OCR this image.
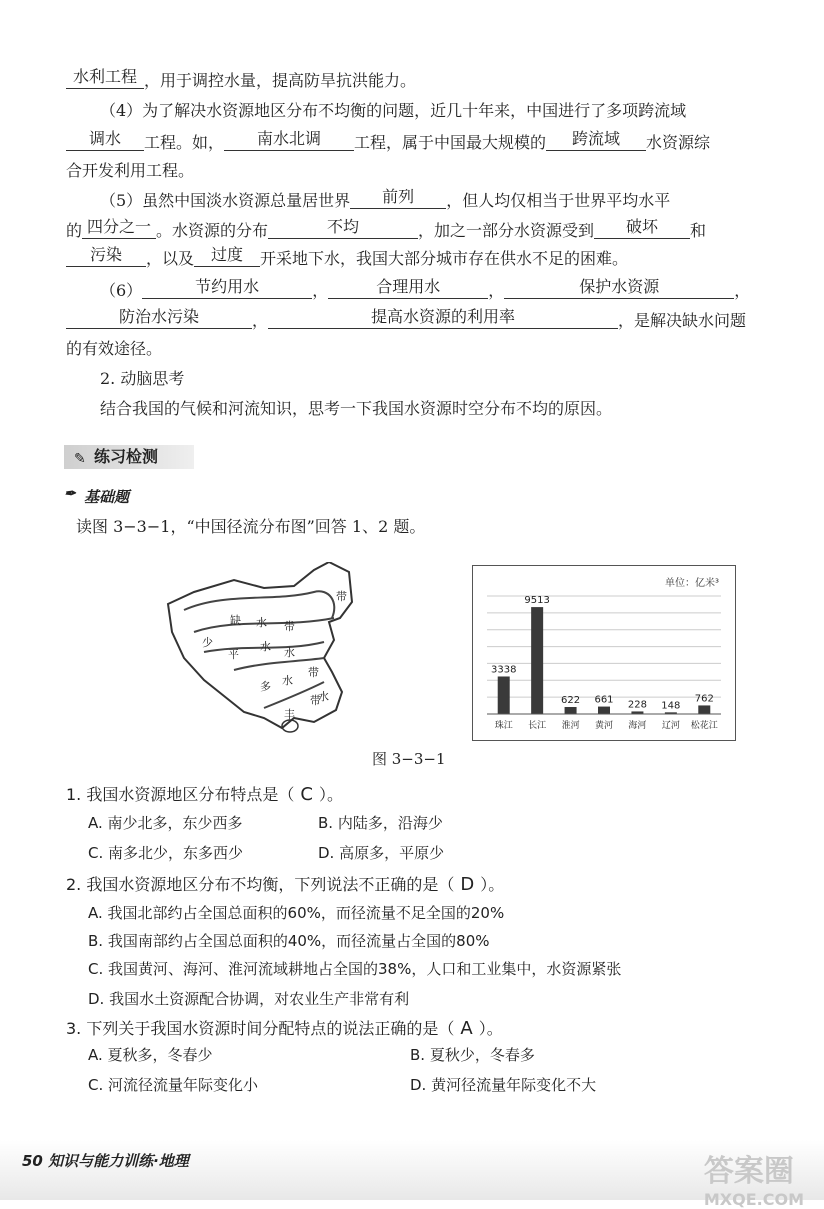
水利工程 ，用于调控水量，提高防旱抗洪能力。
（4）为了解决水资源地区分布不均衡的问题，近几十年来，中国进行了多项跨流域
调水 工程。如， 南水北调 工程，属于中国最大规模的 跨流域 水资源综
合开发利用工程。
（5）虽然中国淡水资源总量居世界 前列 ，但人均仅相当于世界平均水平
的 四分之一 。水资源的分布	不均	，加之一部分水资源受到 破坏 和
污染 ，以及 过度 开采地下水，我国大部分城市存在供水不足的困难。
（6）	节约用水	，	合理用水	，	保护水资源	，
防治水污染	，	提高水资源的利用率	，是解决缺水问题
的有效途径。
2. 动脑思考
结合我国的气候和河流知识，思考一下我国水资源时空分布不均的原因。
✎ 练习检测
✒ 基础题
读图 3−3−1，“中国径流分布图”回答 1、2 题。
带
缺 水 带
少
平
水 水
多 水
带
带
水
丰
单位：亿米³
3338
珠江
9513
长江
622
淮河
661
黄河
228
海河
148
辽河
762
松花江
图 3−3−1
1. 我国水资源地区分布特点是（ C ）。
A. 南少北多，东少西多	B. 内陆多，沿海少
C. 南多北少，东多西少	D. 高原多，平原少
2. 我国水资源地区分布不均衡，下列说法不正确的是（ D ）。
A. 我国北部约占全国总面积的60%，而径流量不足全国的20%
B. 我国南部约占全国总面积的40%，而径流量占全国的80%
C. 我国黄河、海河、淮河流域耕地占全国的38%，人口和工业集中，水资源紧张
D. 我国水土资源配合协调，对农业生产非常有利
3. 下列关于我国水资源时间分配特点的说法正确的是（ A ）。
A. 夏秋多，冬春少	B. 夏秋少，冬春多
C. 河流径流量年际变化小	D. 黄河径流量年际变化不大
50 知识与能力训练·地理	答案圈
MXQE.COM
